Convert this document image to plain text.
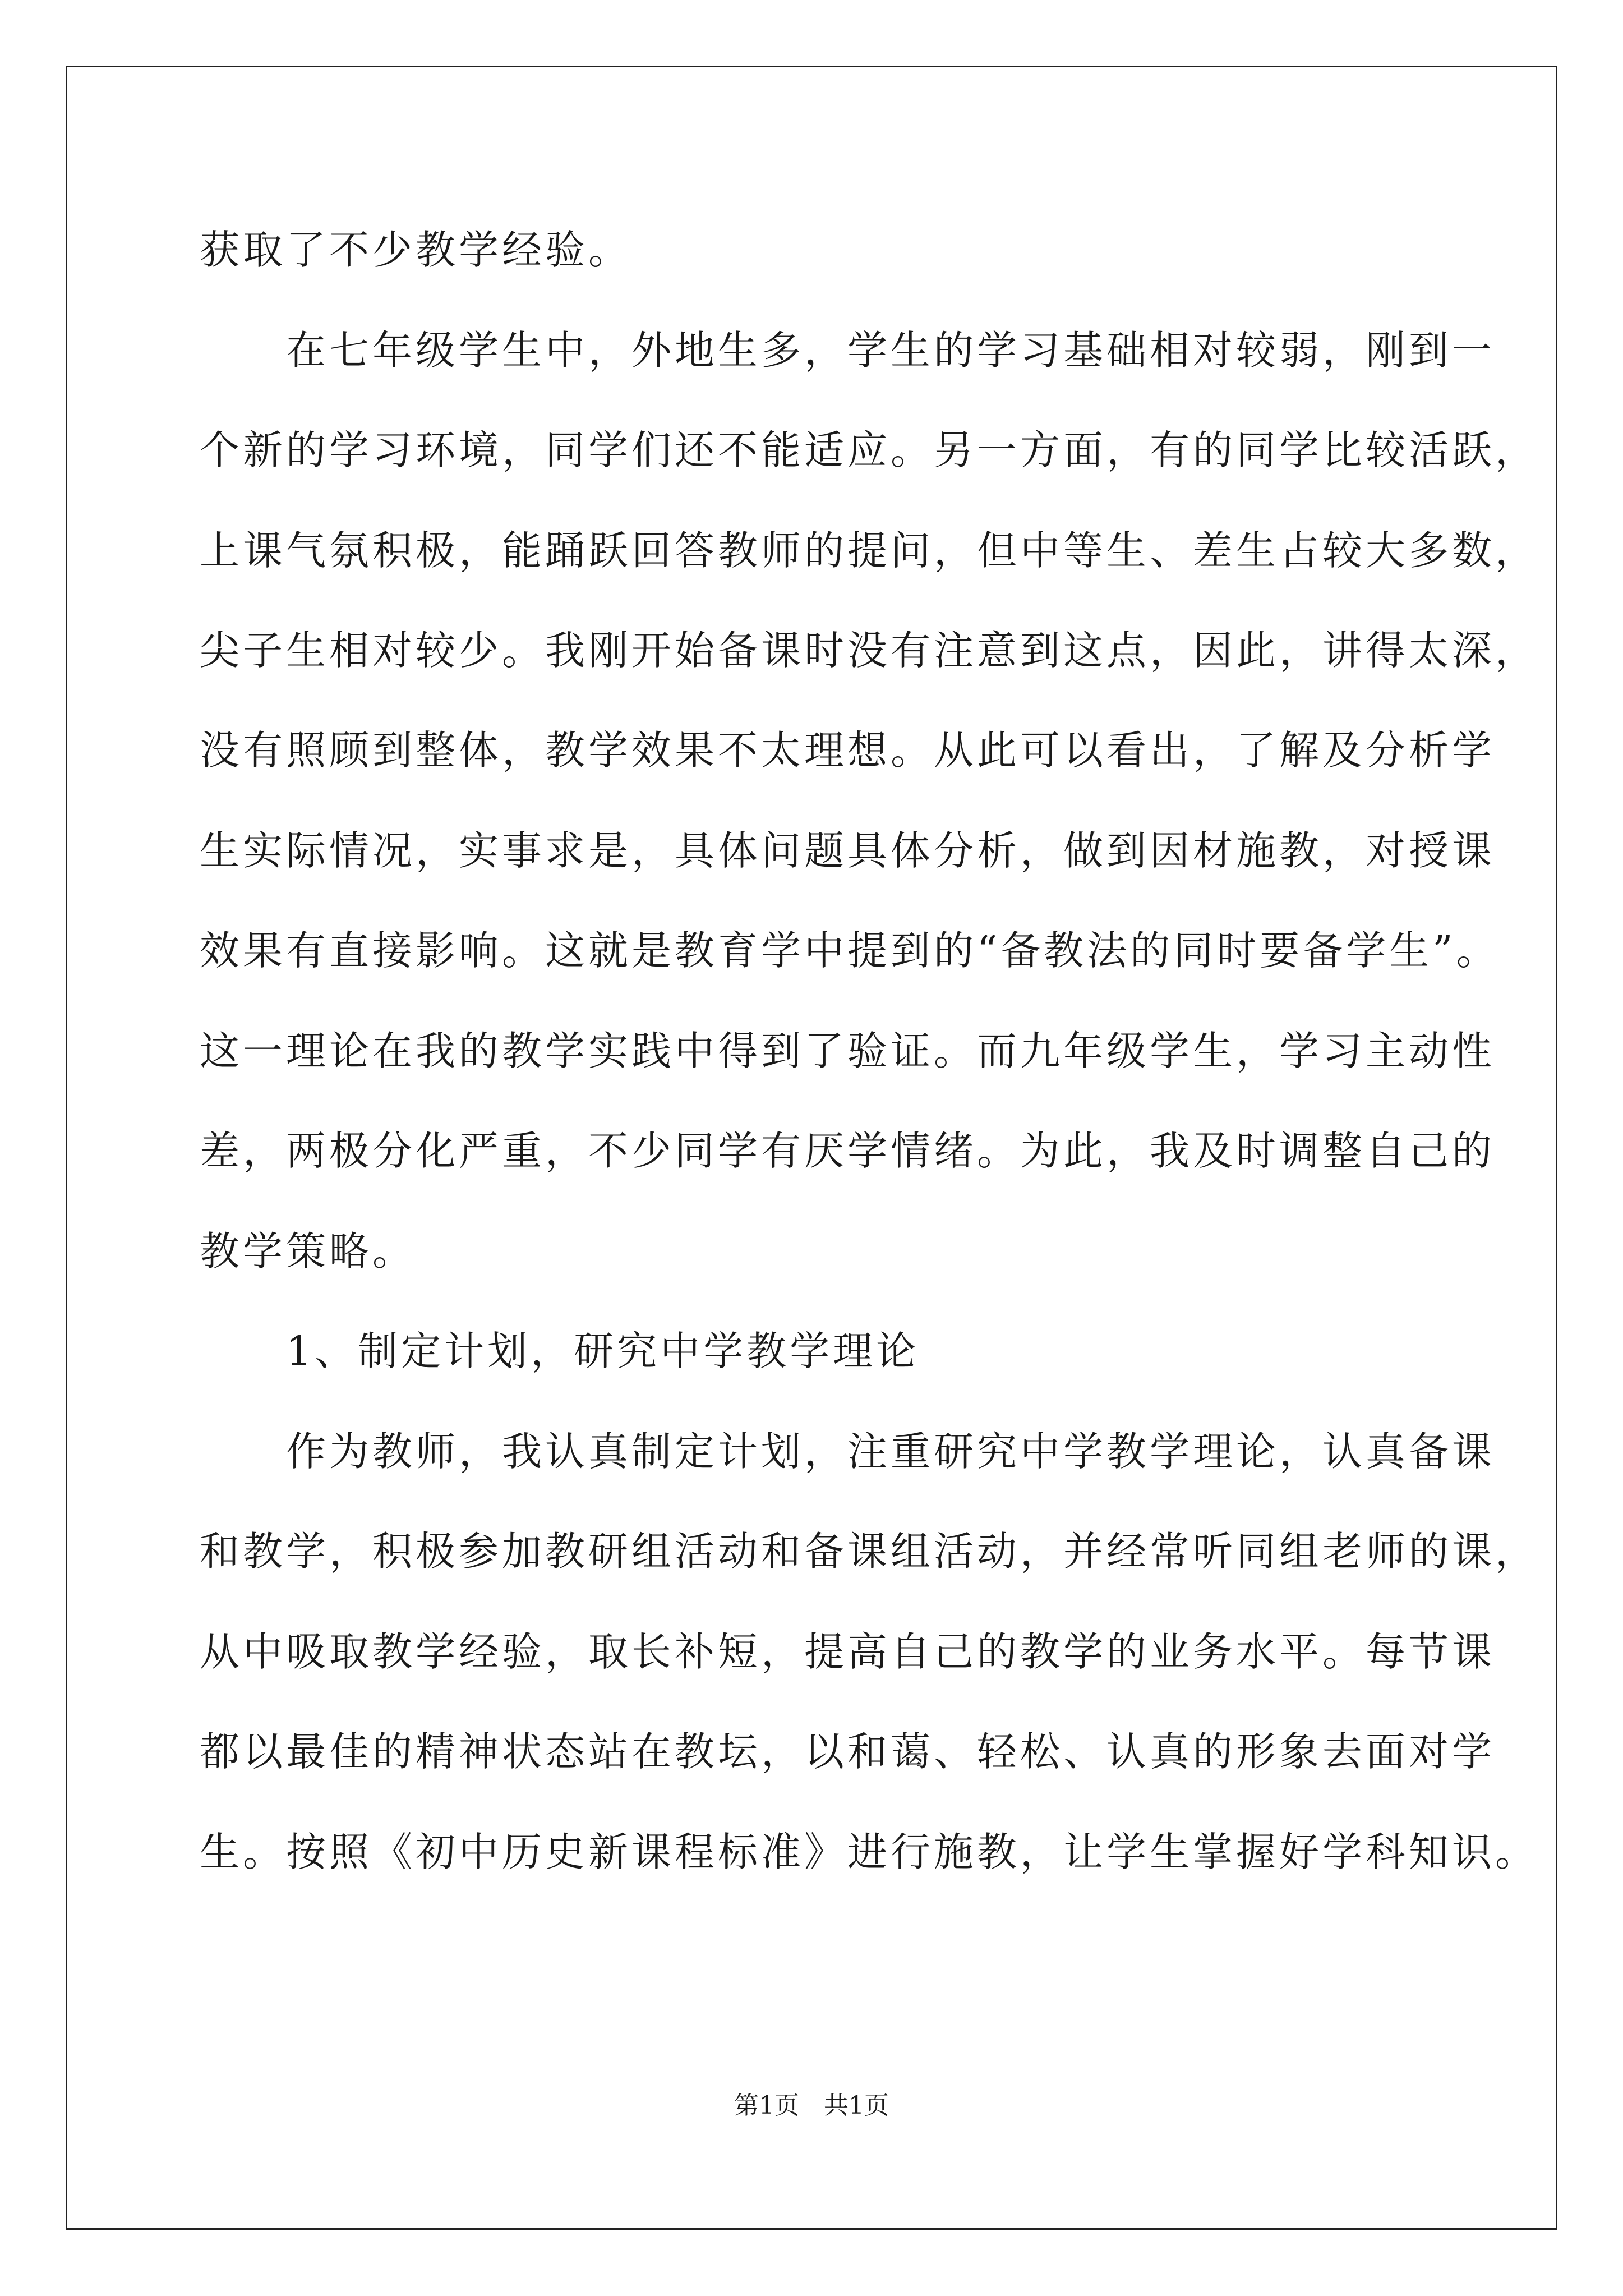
获取了不少教学经验。
　　在七年级学生中，外地生多，学生的学习基础相对较弱，刚到一
个新的学习环境，同学们还不能适应。另一方面，有的同学比较活跃，
上课气氛积极，能踊跃回答教师的提问，但中等生、差生占较大多数，
尖子生相对较少。我刚开始备课时没有注意到这点，因此，讲得太深，
没有照顾到整体，教学效果不太理想。从此可以看出，了解及分析学
生实际情况，实事求是，具体问题具体分析，做到因材施教，对授课
效果有直接影响。这就是教育学中提到的“备教法的同时要备学生”。
这一理论在我的教学实践中得到了验证。而九年级学生，学习主动性
差，两极分化严重，不少同学有厌学情绪。为此，我及时调整自己的
教学策略。
　　1、制定计划，研究中学教学理论
　　作为教师，我认真制定计划，注重研究中学教学理论，认真备课
和教学，积极参加教研组活动和备课组活动，并经常听同组老师的课，
从中吸取教学经验，取长补短，提高自己的教学的业务水平。每节课
都以最佳的精神状态站在教坛，以和蔼、轻松、认真的形象去面对学
生。按照《初中历史新课程标准》进行施教，让学生掌握好学科知识。
第1页　共1页
